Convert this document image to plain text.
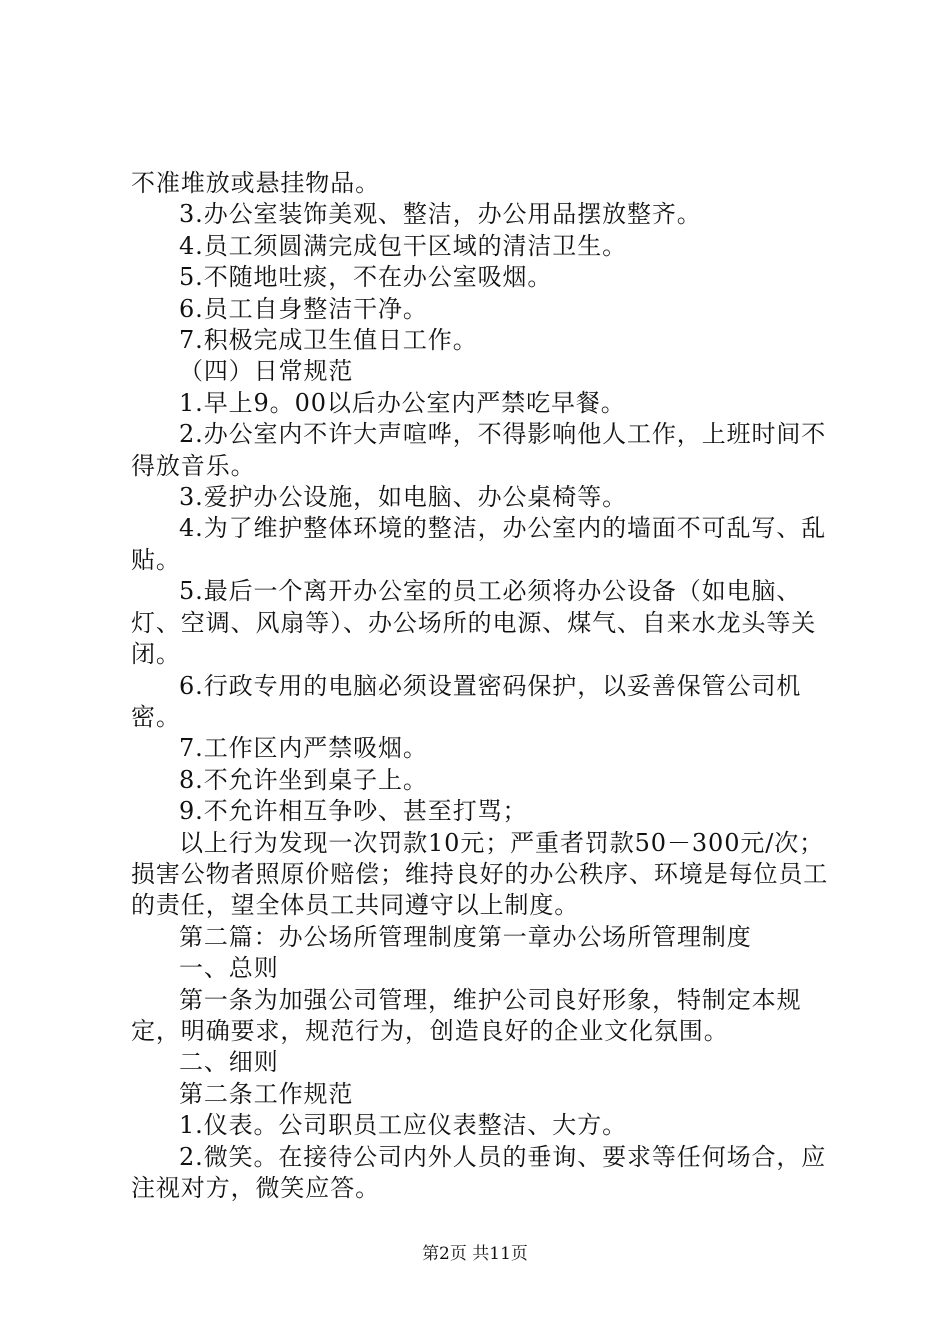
不准堆放或悬挂物品。

3.办公室装饰美观、整洁，办公用品摆放整齐。

4.员工须圆满完成包干区域的清洁卫生。

5.不随地吐痰，不在办公室吸烟。

6.员工自身整洁干净。

7.积极完成卫生值日工作。

（四）日常规范

1.早上9。00以后办公室内严禁吃早餐。

2.办公室内不许大声喧哗，不得影响他人工作，上班时间不得放音乐。

3.爱护办公设施，如电脑、办公桌椅等。

4.为了维护整体环境的整洁，办公室内的墙面不可乱写、乱贴。

5.最后一个离开办公室的员工必须将办公设备（如电脑、灯、空调、风扇等）、办公场所的电源、煤气、自来水龙头等关闭。

6.行政专用的电脑必须设置密码保护，以妥善保管公司机密。

7.工作区内严禁吸烟。

8.不允许坐到桌子上。

9.不允许相互争吵、甚至打骂；

以上行为发现一次罚款10元；严重者罚款50－300元/次；损害公物者照原价赔偿；维持良好的办公秩序、环境是每位员工的责任，望全体员工共同遵守以上制度。

第二篇：办公场所管理制度第一章办公场所管理制度

一、总则

第一条为加强公司管理，维护公司良好形象，特制定本规定，明确要求，规范行为，创造良好的企业文化氛围。

二、细则

第二条工作规范

1.仪表。公司职员工应仪表整洁、大方。

2.微笑。在接待公司内外人员的垂询、要求等任何场合，应注视对方，微笑应答。

第2页 共11页
